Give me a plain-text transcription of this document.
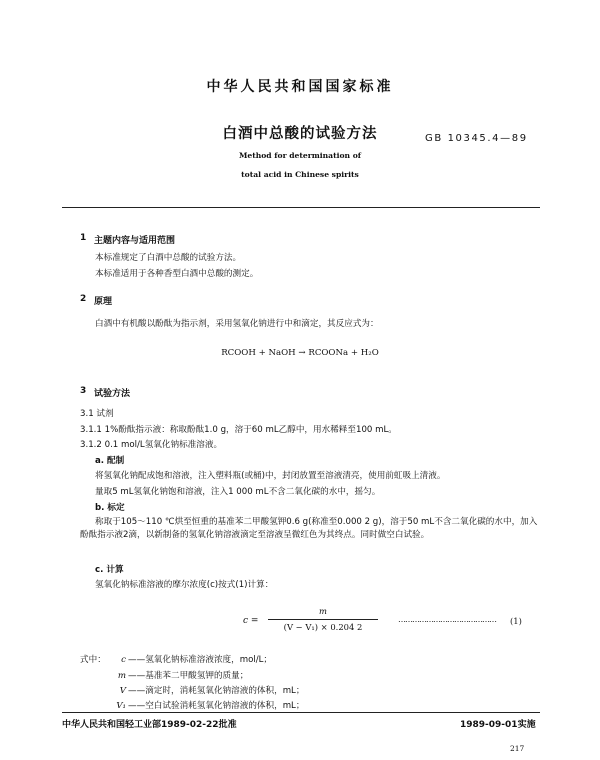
中华人民共和国国家标准
白酒中总酸的试验方法	GB 10345.4—89
Method for determination of
total acid in Chinese spirits
1 主题内容与适用范围
本标准规定了白酒中总酸的试验方法。
本标准适用于各种香型白酒中总酸的测定。
2 原理
白酒中有机酸以酚酞为指示剂，采用氢氧化钠进行中和滴定，其反应式为：
RCOOH + NaOH → RCOONa + H₂O
3 试验方法
3.1 试剂
3.1.1 1%酚酞指示液：称取酚酞1.0 g，溶于60 mL乙醇中，用水稀释至100 mL。
3.1.2 0.1 mol/L氢氧化钠标准溶液。
a. 配制
将氢氧化钠配成饱和溶液，注入塑料瓶(或桶)中，封闭放置至溶液清亮，使用前虹吸上清液。
量取5 mL氢氧化钠饱和溶液，注入1 000 mL不含二氧化碳的水中，摇匀。
b. 标定
称取于105～110 ℃烘至恒重的基准苯二甲酸氢钾0.6 g(称准至0.000 2 g)，溶于50 mL不含二氧化碳的水中，加入酚酞指示液2滴，以新制备的氢氧化钠溶液滴定至溶液呈微红色为其终点。同时做空白试验。
c. 计算
氢氧化钠标准溶液的摩尔浓度(c)按式(1)计算：
c =
m
(V − V₁) × 0.204 2
……………………………………	(1)
式中：	c ——氢氧化钠标准溶液浓度，mol/L；
m ——基准苯二甲酸氢钾的质量；
V ——滴定时，消耗氢氧化钠溶液的体积，mL；
V₁ ——空白试验消耗氢氧化钠溶液的体积，mL；
中华人民共和国轻工业部1989-02-22批准	1989-09-01实施
217
